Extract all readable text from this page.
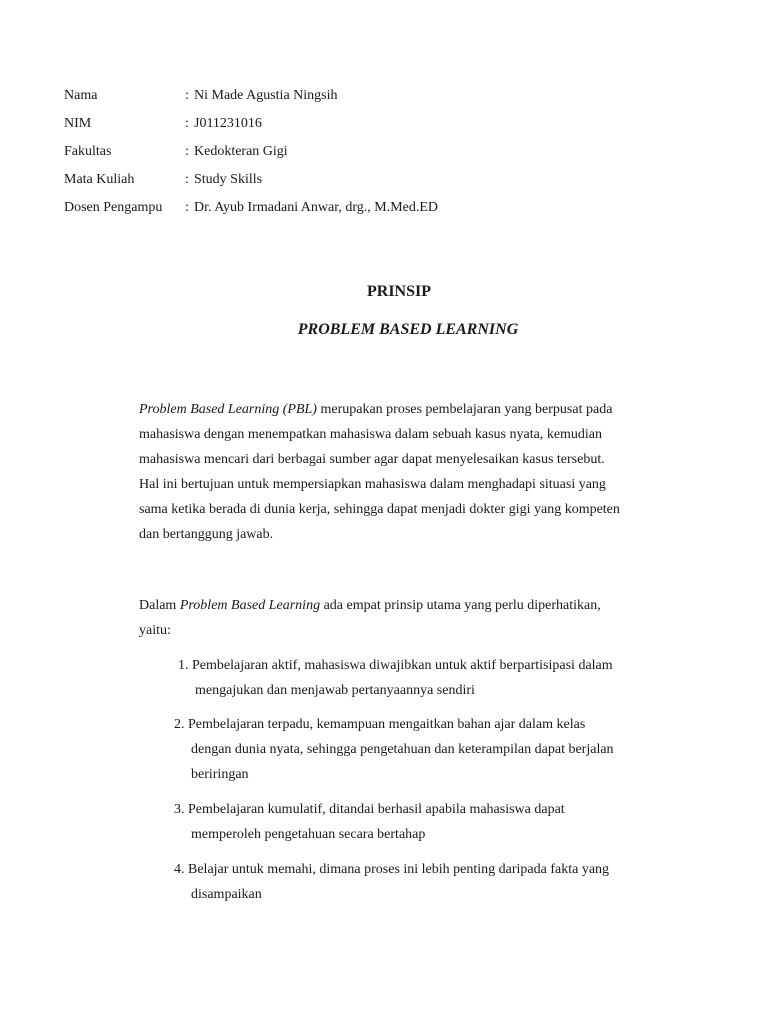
Nama	: Ni Made Agustia Ningsih
NIM	: J011231016
Fakultas	: Kedokteran Gigi
Mata Kuliah	: Study Skills
Dosen Pengampu : Dr. Ayub Irmadani Anwar, drg., M.Med.ED
PRINSIP
PROBLEM BASED LEARNING
Problem Based Learning (PBL) merupakan proses pembelajaran yang berpusat pada
mahasiswa dengan menempatkan mahasiswa dalam sebuah kasus nyata, kemudian
mahasiswa mencari dari berbagai sumber agar dapat menyelesaikan kasus tersebut.
Hal ini bertujuan untuk mempersiapkan mahasiswa dalam menghadapi situasi yang
sama ketika berada di dunia kerja, sehingga dapat menjadi dokter gigi yang kompeten
dan bertanggung jawab.
Dalam Problem Based Learning ada empat prinsip utama yang perlu diperhatikan,
yaitu:
1. Pembelajaran aktif, mahasiswa diwajibkan untuk aktif berpartisipasi dalam
mengajukan dan menjawab pertanyaannya sendiri
2. Pembelajaran terpadu, kemampuan mengaitkan bahan ajar dalam kelas
dengan dunia nyata, sehingga pengetahuan dan keterampilan dapat berjalan
beriringan
3. Pembelajaran kumulatif, ditandai berhasil apabila mahasiswa dapat
memperoleh pengetahuan secara bertahap
4. Belajar untuk memahi, dimana proses ini lebih penting daripada fakta yang
disampaikan
